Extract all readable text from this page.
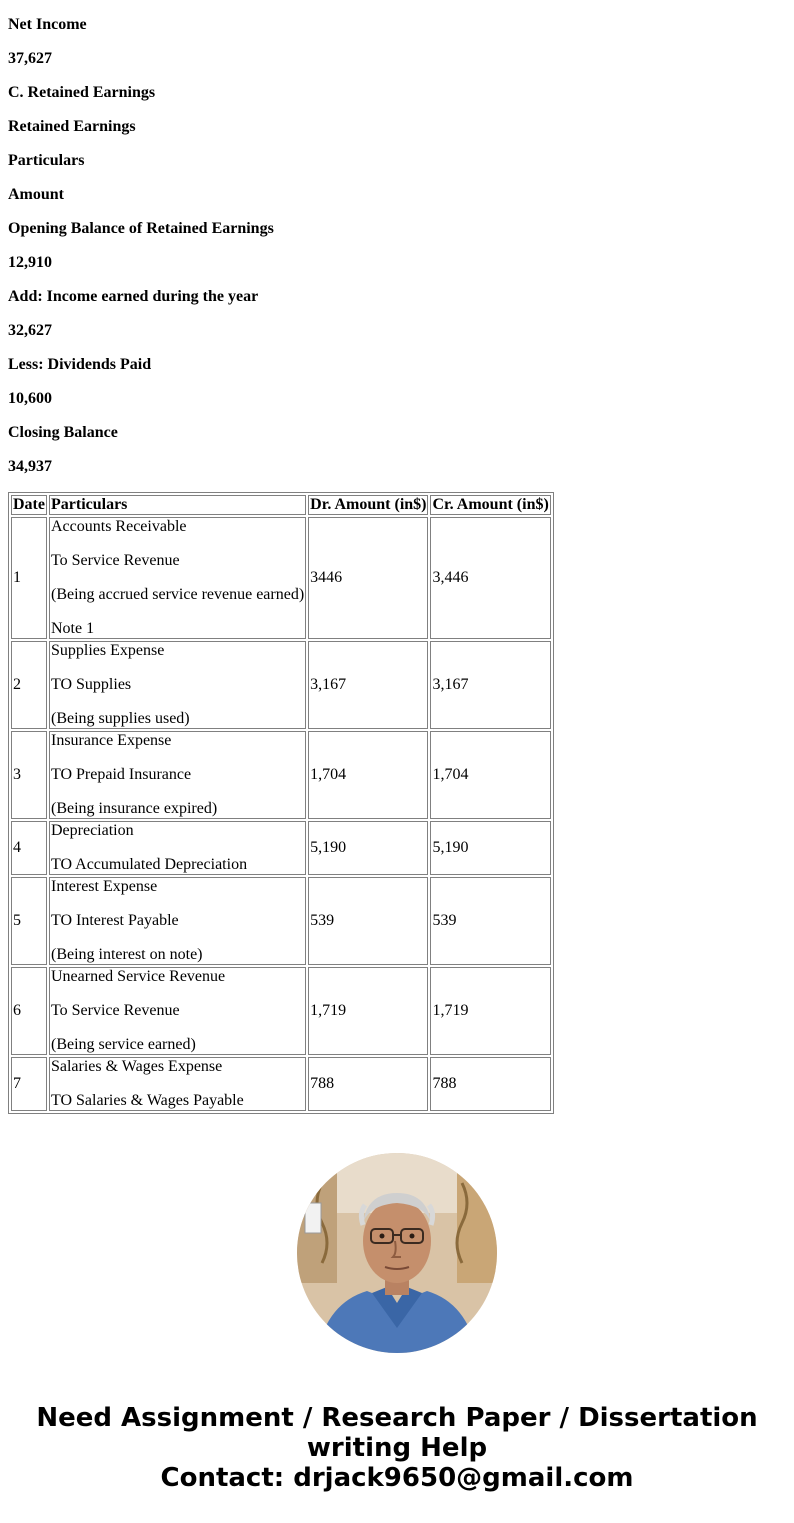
Net Income
37,627
C. Retained Earnings
Retained Earnings
Particulars
Amount
Opening Balance of Retained Earnings
12,910
Add: Income earned during the year
32,627
Less: Dividends Paid
10,600
Closing Balance
34,937
Date	Particulars	Dr. Amount (in$)	Cr. Amount (in$)
1	Accounts Receivable

To Service Revenue

(Being accrued service revenue earned)

Note 1	3446	3,446
2	Supplies Expense

TO Supplies

(Being supplies used)	3,167	3,167
3	Insurance Expense

TO Prepaid Insurance

(Being insurance expired)	1,704	1,704
4	Depreciation

TO Accumulated Depreciation	5,190	5,190
5	Interest Expense

TO Interest Payable

(Being interest on note)	539	539
6	Unearned Service Revenue

To Service Revenue

(Being service earned)	1,719	1,719
7	Salaries & Wages Expense

TO Salaries & Wages Payable	788	788
Need Assignment / Research Paper / Dissertation
writing Help
Contact: drjack9650@gmail.com
